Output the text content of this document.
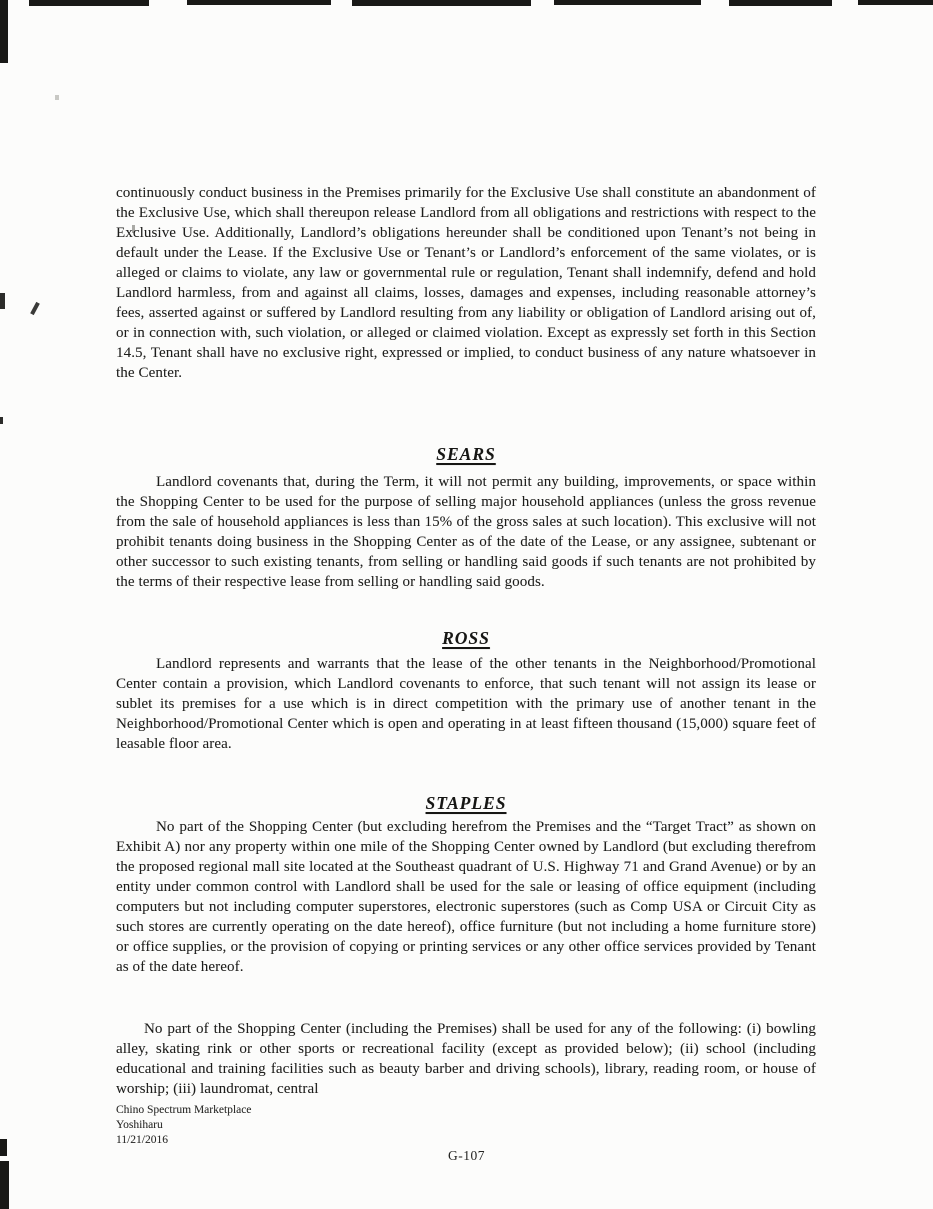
continuously conduct business in the Premises primarily for the Exclusive Use shall constitute an abandonment of the Exclusive Use, which shall thereupon release Landlord from all obligations and restrictions with respect to the Exclusive Use. Additionally, Landlord’s obligations hereunder shall be conditioned upon Tenant’s not being in default under the Lease. If the Exclusive Use or Tenant’s or Landlord’s enforcement of the same violates, or is alleged or claims to violate, any law or governmental rule or regulation, Tenant shall indemnify, defend and hold Landlord harmless, from and against all claims, losses, damages and expenses, including reasonable attorney’s fees, asserted against or suffered by Landlord resulting from any liability or obligation of Landlord arising out of, or in connection with, such violation, or alleged or claimed violation. Except as expressly set forth in this Section 14.5, Tenant shall have no exclusive right, expressed or implied, to conduct business of any nature whatsoever in the Center.

SEARS

Landlord covenants that, during the Term, it will not permit any building, improvements, or space within the Shopping Center to be used for the purpose of selling major household appliances (unless the gross revenue from the sale of household appliances is less than 15% of the gross sales at such location). This exclusive will not prohibit tenants doing business in the Shopping Center as of the date of the Lease, or any assignee, subtenant or other successor to such existing tenants, from selling or handling said goods if such tenants are not prohibited by the terms of their respective lease from selling or handling said goods.

ROSS

Landlord represents and warrants that the lease of the other tenants in the Neighborhood/Promotional Center contain a provision, which Landlord covenants to enforce, that such tenant will not assign its lease or sublet its premises for a use which is in direct competition with the primary use of another tenant in the Neighborhood/Promotional Center which is open and operating in at least fifteen thousand (15,000) square feet of leasable floor area.

STAPLES

No part of the Shopping Center (but excluding herefrom the Premises and the “Target Tract” as shown on Exhibit A) nor any property within one mile of the Shopping Center owned by Landlord (but excluding therefrom the proposed regional mall site located at the Southeast quadrant of U.S. Highway 71 and Grand Avenue) or by an entity under common control with Landlord shall be used for the sale or leasing of office equipment (including computers but not including computer superstores, electronic superstores (such as Comp USA or Circuit City as such stores are currently operating on the date hereof), office furniture (but not including a home furniture store) or office supplies, or the provision of copying or printing services or any other office services provided by Tenant as of the date hereof.

No part of the Shopping Center (including the Premises) shall be used for any of the following: (i) bowling alley, skating rink or other sports or recreational facility (except as provided below); (ii) school (including educational and training facilities such as beauty barber and driving schools), library, reading room, or house of worship; (iii) laundromat, central

Chino Spectrum Marketplace
Yoshiharu
11/21/2016
G-107
